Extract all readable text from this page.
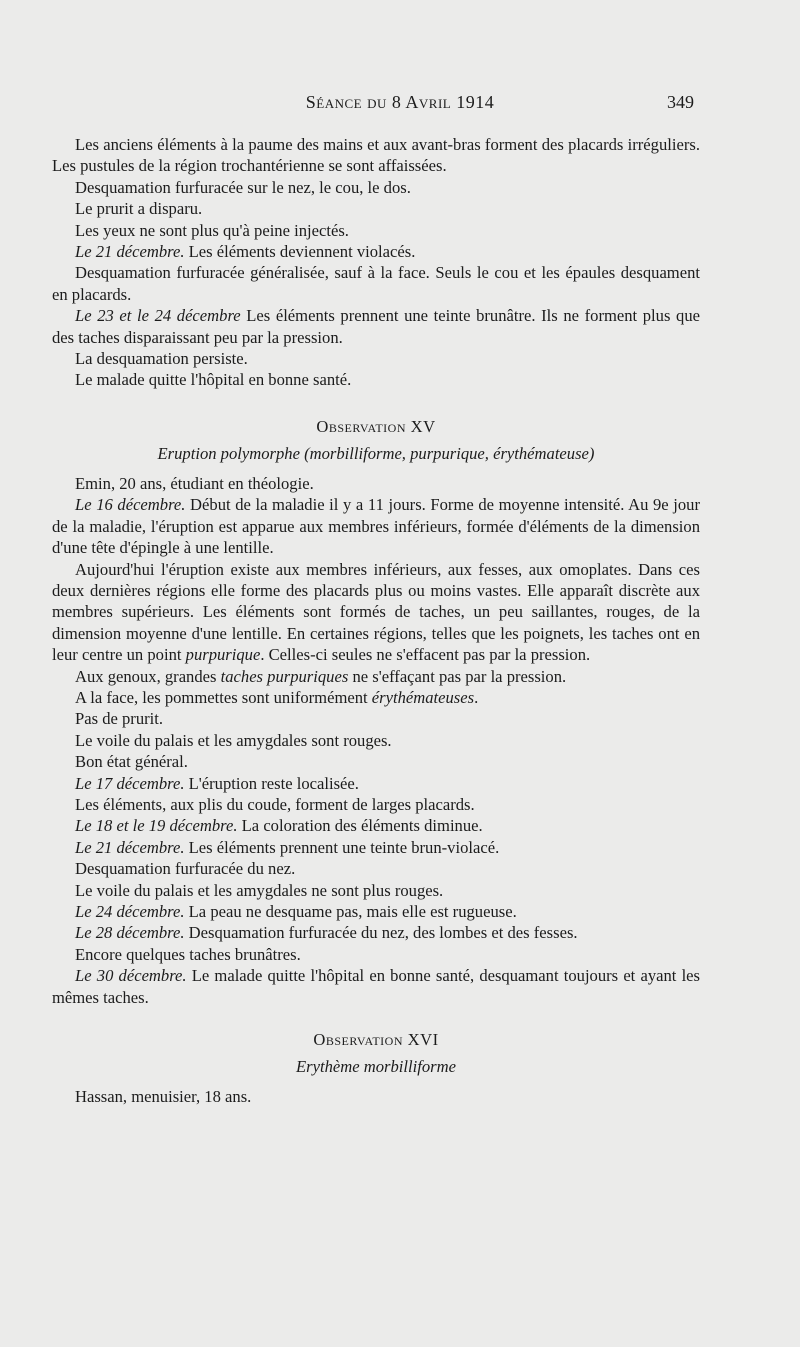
Séance du 8 Avril 1914	349

Les anciens éléments à la paume des mains et aux avant-bras forment des placards irréguliers. Les pustules de la région trochantérienne se sont affaissées.

Desquamation furfuracée sur le nez, le cou, le dos.

Le prurit a disparu.

Les yeux ne sont plus qu'à peine injectés.

Le 21 décembre. Les éléments deviennent violacés.

Desquamation furfuracée généralisée, sauf à la face. Seuls le cou et les épaules desquament en placards.

Le 23 et le 24 décembre Les éléments prennent une teinte brunâtre. Ils ne forment plus que des taches disparaissant peu par la pression.

La desquamation persiste.

Le malade quitte l'hôpital en bonne santé.

Observation XV

Eruption polymorphe (morbilliforme, purpurique, érythémateuse)

Emin, 20 ans, étudiant en théologie.

Le 16 décembre. Début de la maladie il y a 11 jours. Forme de moyenne intensité. Au 9e jour de la maladie, l'éruption est apparue aux membres inférieurs, formée d'éléments de la dimension d'une tête d'épingle à une lentille.

Aujourd'hui l'éruption existe aux membres inférieurs, aux fesses, aux omoplates. Dans ces deux dernières régions elle forme des placards plus ou moins vastes. Elle apparaît discrète aux membres supérieurs. Les éléments sont formés de taches, un peu saillantes, rouges, de la dimension moyenne d'une lentille. En certaines régions, telles que les poignets, les taches ont en leur centre un point purpurique. Celles-ci seules ne s'effacent pas par la pression.

Aux genoux, grandes taches purpuriques ne s'effaçant pas par la pression.

A la face, les pommettes sont uniformément érythémateuses.

Pas de prurit.

Le voile du palais et les amygdales sont rouges.

Bon état général.

Le 17 décembre. L'éruption reste localisée.

Les éléments, aux plis du coude, forment de larges placards.

Le 18 et le 19 décembre. La coloration des éléments diminue.

Le 21 décembre. Les éléments prennent une teinte brun-violacé.

Desquamation furfuracée du nez.

Le voile du palais et les amygdales ne sont plus rouges.

Le 24 décembre. La peau ne desquame pas, mais elle est rugueuse.

Le 28 décembre. Desquamation furfuracée du nez, des lombes et des fesses.

Encore quelques taches brunâtres.

Le 30 décembre. Le malade quitte l'hôpital en bonne santé, desquamant toujours et ayant les mêmes taches.

Observation XVI

Erythème morbilliforme

Hassan, menuisier, 18 ans.
